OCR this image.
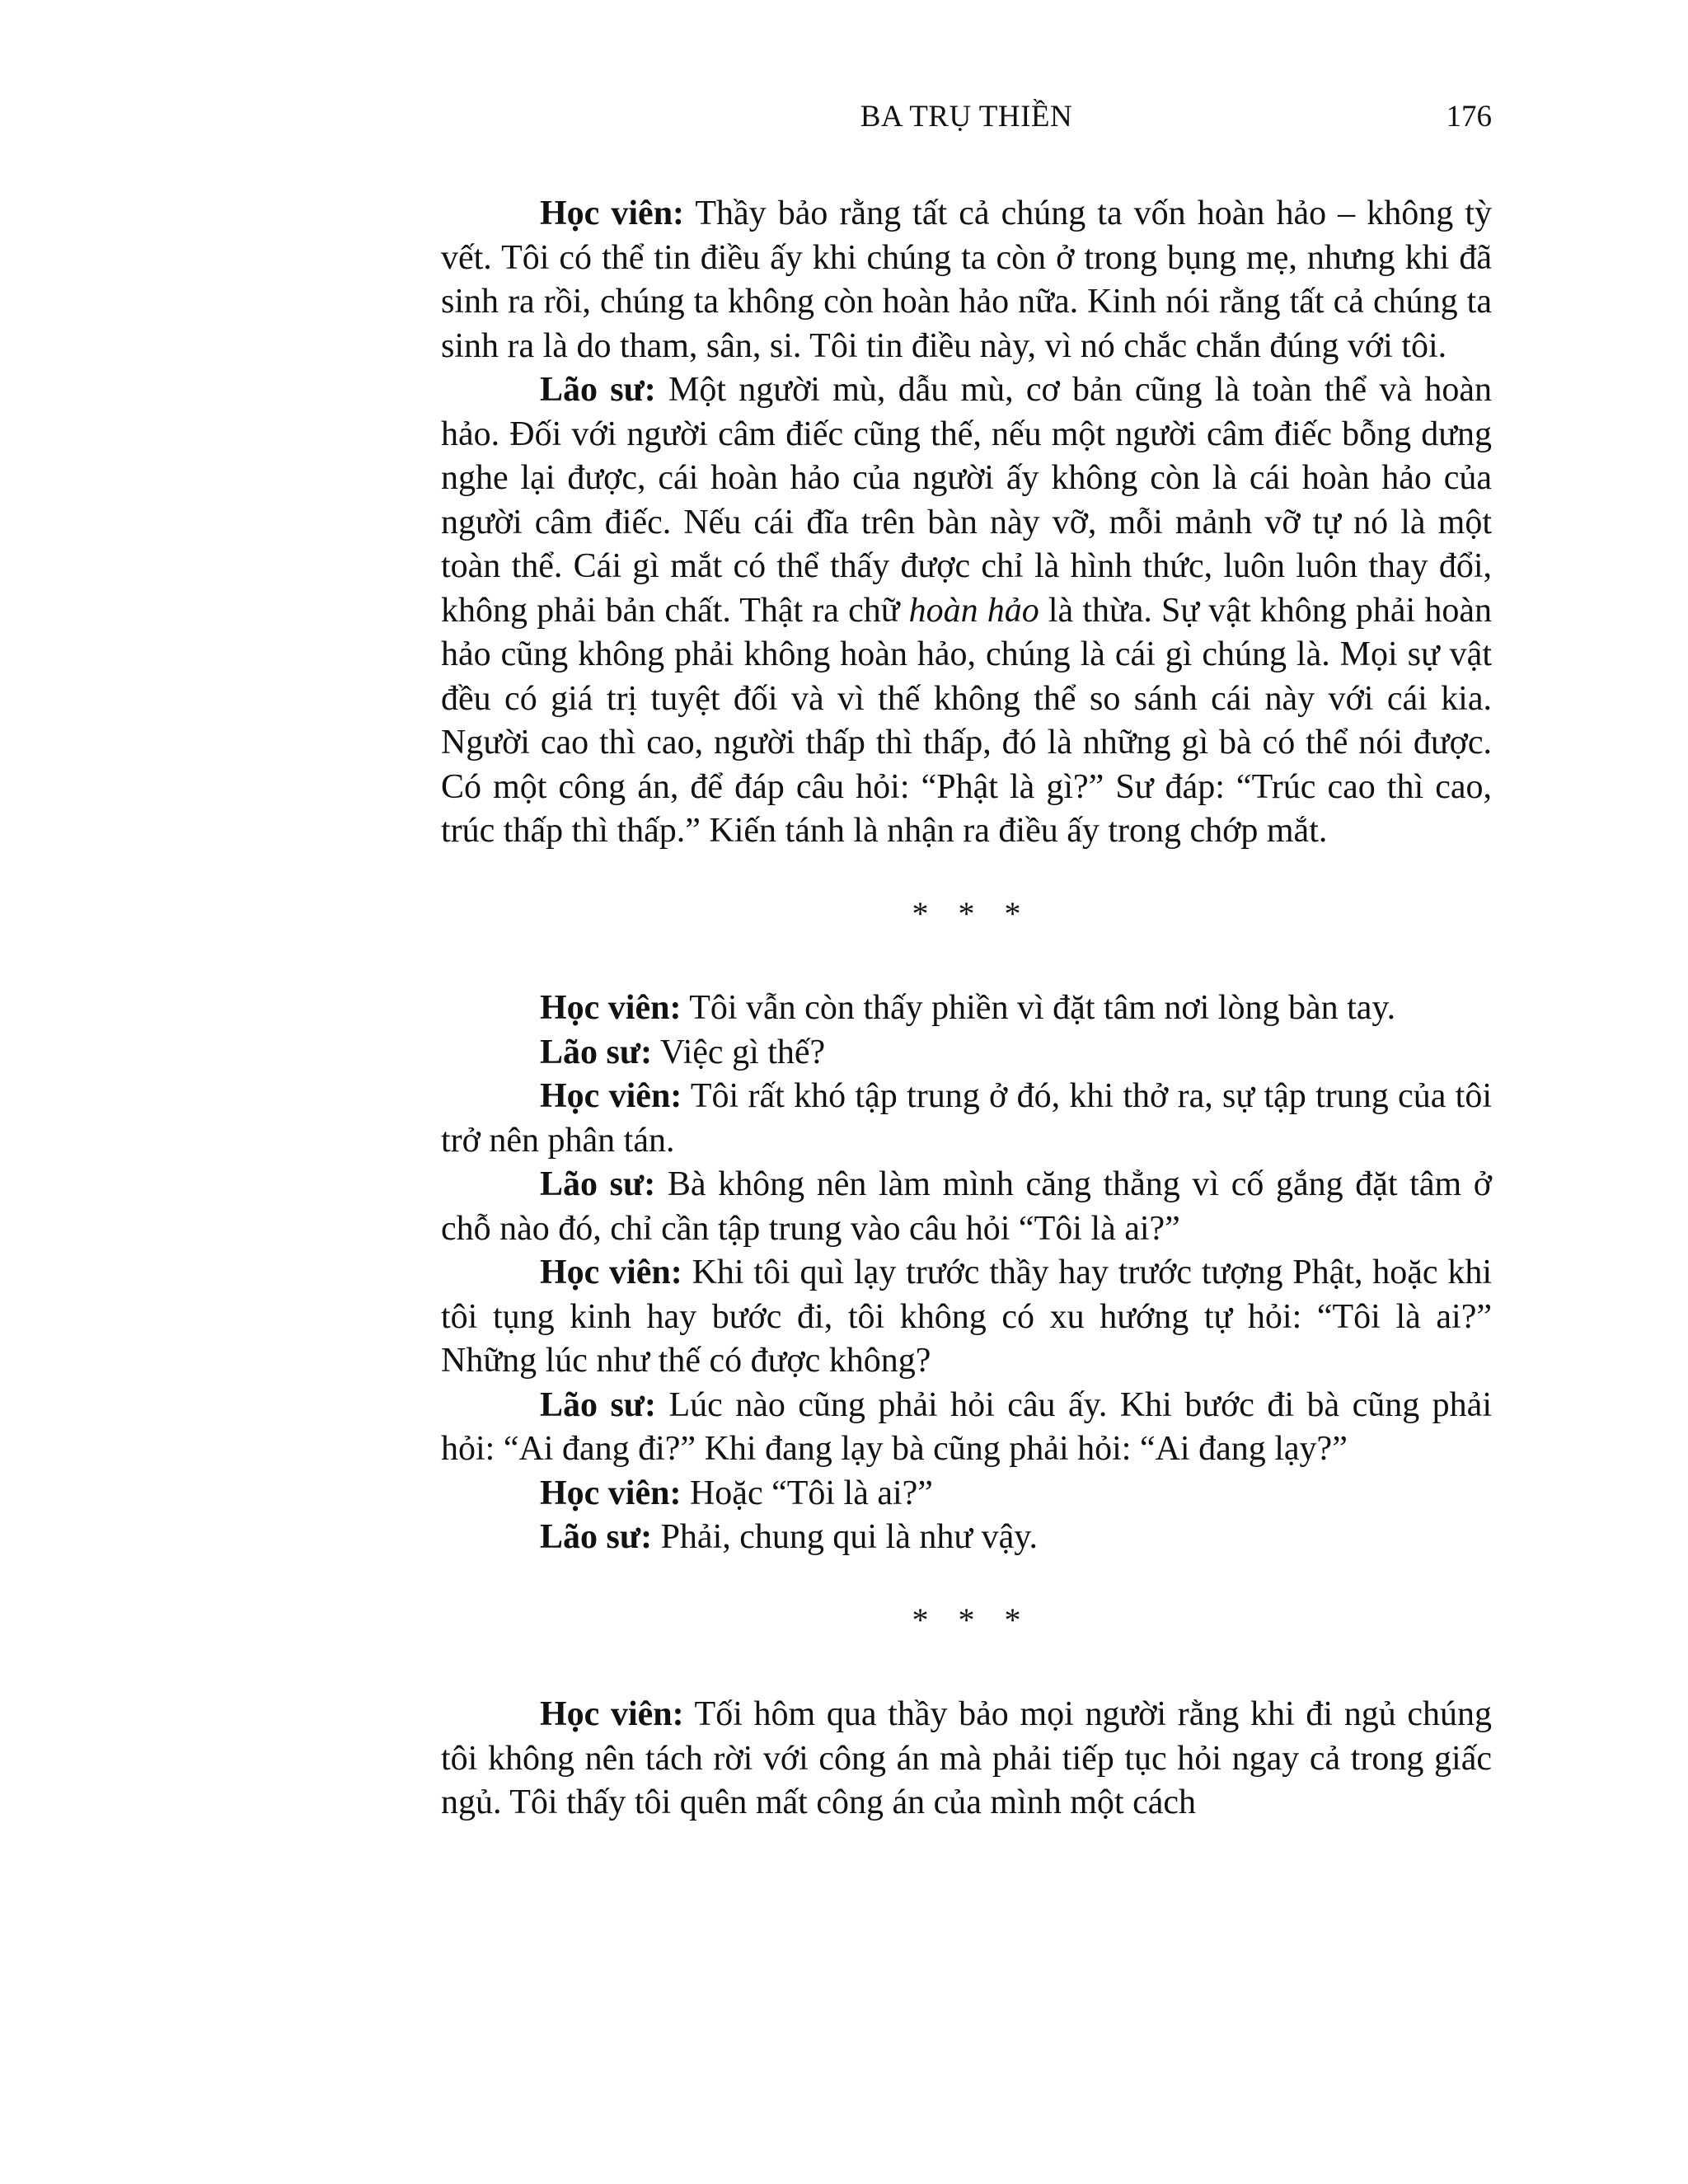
BA TRỤ THIỀN	176

Học viên: Thầy bảo rằng tất cả chúng ta vốn hoàn hảo – không tỳ vết. Tôi có thể tin điều ấy khi chúng ta còn ở trong bụng mẹ, nhưng khi đã sinh ra rồi, chúng ta không còn hoàn hảo nữa. Kinh nói rằng tất cả chúng ta sinh ra là do tham, sân, si. Tôi tin điều này, vì nó chắc chắn đúng với tôi.

Lão sư: Một người mù, dẫu mù, cơ bản cũng là toàn thể và hoàn hảo. Đối với người câm điếc cũng thế, nếu một người câm điếc bỗng dưng nghe lại được, cái hoàn hảo của người ấy không còn là cái hoàn hảo của người câm điếc. Nếu cái đĩa trên bàn này vỡ, mỗi mảnh vỡ tự nó là một toàn thể. Cái gì mắt có thể thấy được chỉ là hình thức, luôn luôn thay đổi, không phải bản chất. Thật ra chữ hoàn hảo là thừa. Sự vật không phải hoàn hảo cũng không phải không hoàn hảo, chúng là cái gì chúng là. Mọi sự vật đều có giá trị tuyệt đối và vì thế không thể so sánh cái này với cái kia. Người cao thì cao, người thấp thì thấp, đó là những gì bà có thể nói được. Có một công án, để đáp câu hỏi: “Phật là gì?” Sư đáp: “Trúc cao thì cao, trúc thấp thì thấp.” Kiến tánh là nhận ra điều ấy trong chớp mắt.

* * *

Học viên: Tôi vẫn còn thấy phiền vì đặt tâm nơi lòng bàn tay.

Lão sư: Việc gì thế?

Học viên: Tôi rất khó tập trung ở đó, khi thở ra, sự tập trung của tôi trở nên phân tán.

Lão sư: Bà không nên làm mình căng thẳng vì cố gắng đặt tâm ở chỗ nào đó, chỉ cần tập trung vào câu hỏi “Tôi là ai?”

Học viên: Khi tôi quì lạy trước thầy hay trước tượng Phật, hoặc khi tôi tụng kinh hay bước đi, tôi không có xu hướng tự hỏi: “Tôi là ai?” Những lúc như thế có được không?

Lão sư: Lúc nào cũng phải hỏi câu ấy. Khi bước đi bà cũng phải hỏi: “Ai đang đi?” Khi đang lạy bà cũng phải hỏi: “Ai đang lạy?”

Học viên: Hoặc “Tôi là ai?”

Lão sư: Phải, chung qui là như vậy.

* * *

Học viên: Tối hôm qua thầy bảo mọi người rằng khi đi ngủ chúng tôi không nên tách rời với công án mà phải tiếp tục hỏi ngay cả trong giấc ngủ. Tôi thấy tôi quên mất công án của mình một cách
